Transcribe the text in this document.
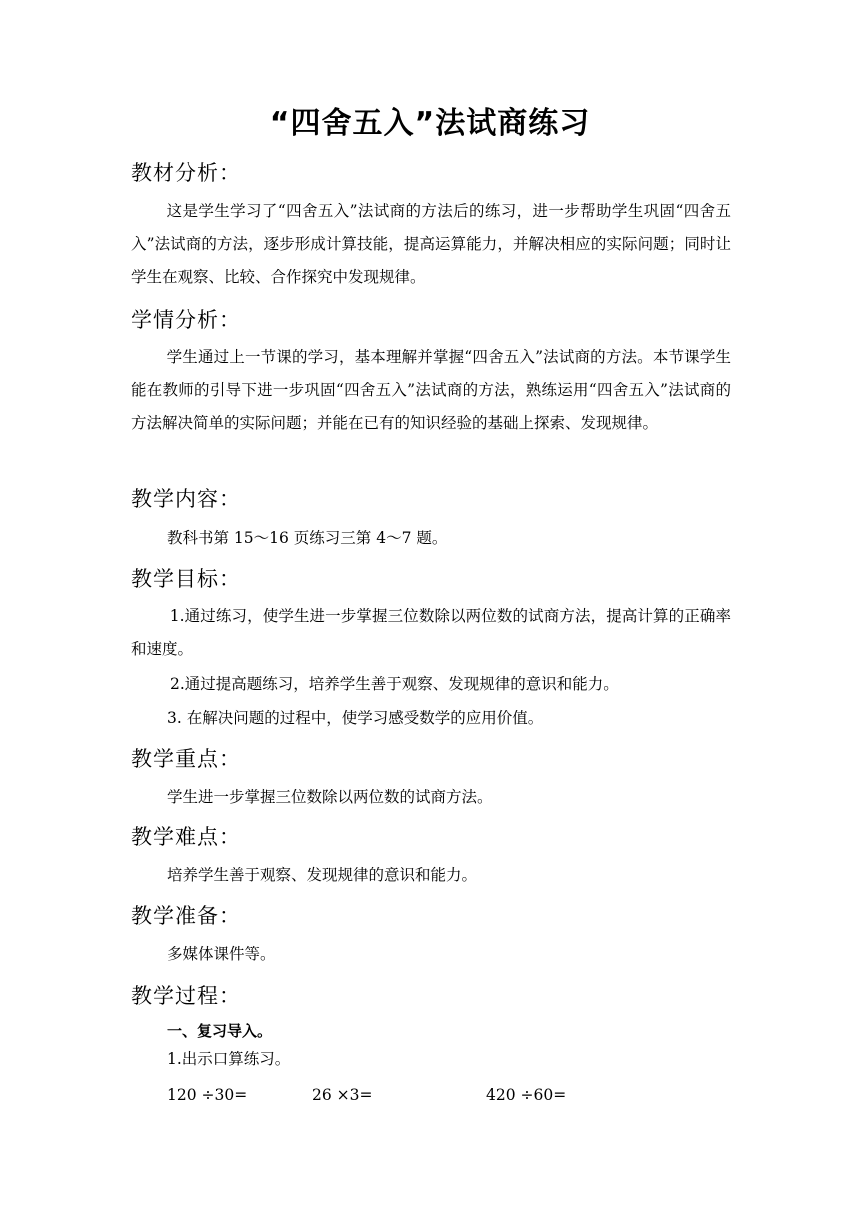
“四舍五入”法试商练习
教材分析：
这是学生学习了“四舍五入”法试商的方法后的练习，进一步帮助学生巩固“四舍五入”法试商的方法，逐步形成计算技能，提高运算能力，并解决相应的实际问题；同时让学生在观察、比较、合作探究中发现规律。
学情分析：
学生通过上一节课的学习，基本理解并掌握“四舍五入”法试商的方法。本节课学生能在教师的引导下进一步巩固“四舍五入”法试商的方法，熟练运用“四舍五入”法试商的方法解决简单的实际问题；并能在已有的知识经验的基础上探索、发现规律。
教学内容：
教科书第 15～16 页练习三第 4～7 题。
教学目标：
1.通过练习，使学生进一步掌握三位数除以两位数的试商方法，提高计算的正确率和速度。
2.通过提高题练习，培养学生善于观察、发现规律的意识和能力。
3. 在解决问题的过程中，使学习感受数学的应用价值。
教学重点：
学生进一步掌握三位数除以两位数的试商方法。
教学难点：
培养学生善于观察、发现规律的意识和能力。
教学准备：
多媒体课件等。
教学过程：
一、复习导入。
1.出示口算练习。
120 ÷30=	26 ×3=	420 ÷60=
